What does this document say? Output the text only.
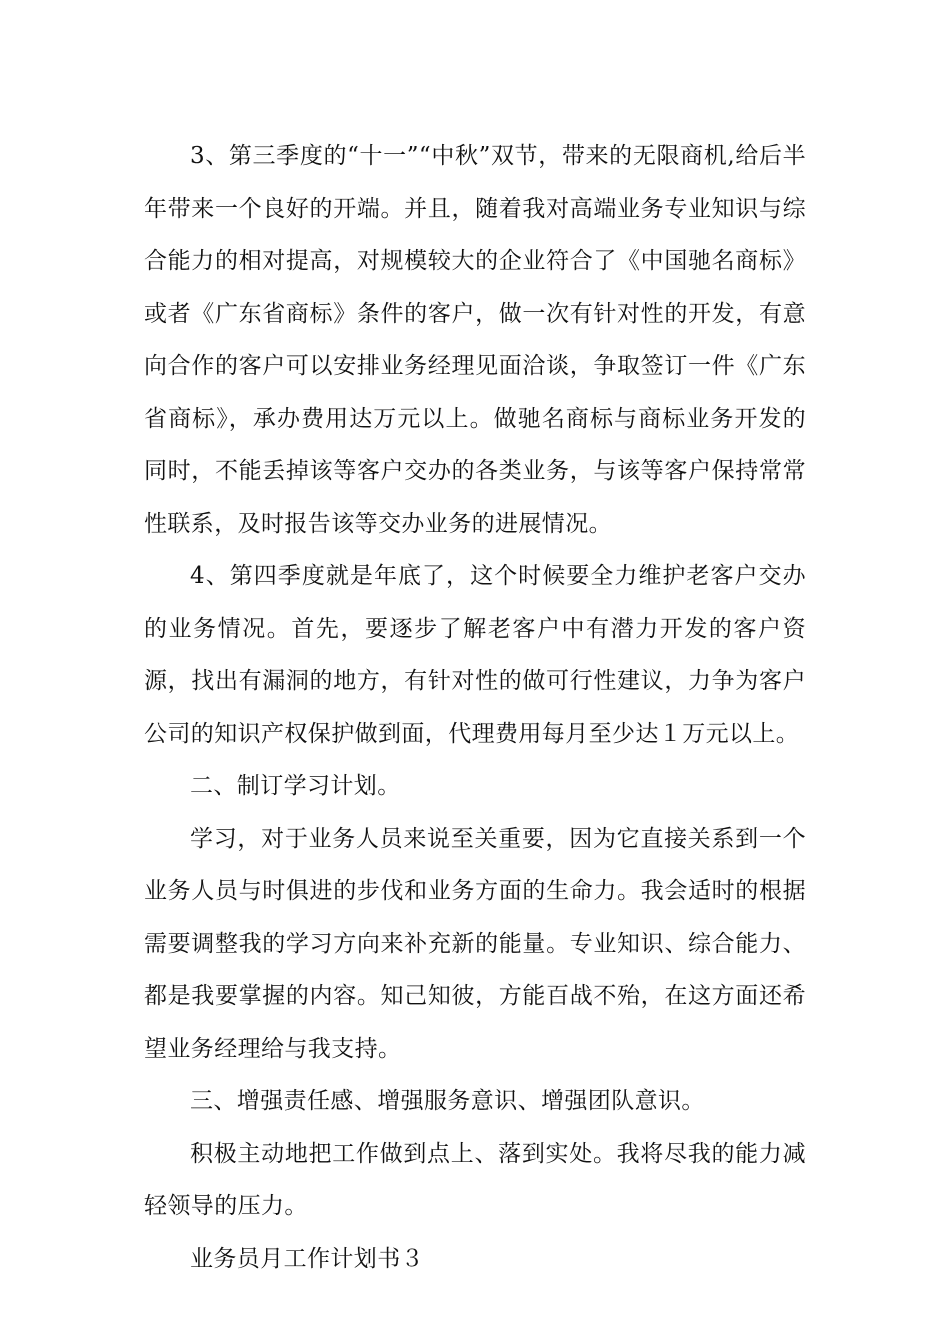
3、第三季度的“十一”“中秋”双节，带来的无限商机,给后半年带来一个良好的开端。并且，随着我对高端业务专业知识与综合能力的相对提高，对规模较大的企业符合了《中国驰名商标》或者《广东省商标》条件的客户，做一次有针对性的开发，有意向合作的客户可以安排业务经理见面洽谈，争取签订一件《广东省商标》，承办费用达万元以上。做驰名商标与商标业务开发的同时，不能丢掉该等客户交办的各类业务，与该等客户保持常常性联系，及时报告该等交办业务的进展情况。

4、第四季度就是年底了，这个时候要全力维护老客户交办的业务情况。首先，要逐步了解老客户中有潜力开发的客户资源，找出有漏洞的地方，有针对性的做可行性建议，力争为客户公司的知识产权保护做到面，代理费用每月至少达１万元以上。

二、制订学习计划。

学习，对于业务人员来说至关重要，因为它直接关系到一个业务人员与时俱进的步伐和业务方面的生命力。我会适时的根据需要调整我的学习方向来补充新的能量。专业知识、综合能力、都是我要掌握的内容。知己知彼，方能百战不殆，在这方面还希望业务经理给与我支持。

三、增强责任感、增强服务意识、增强团队意识。

积极主动地把工作做到点上、落到实处。我将尽我的能力减轻领导的压力。

业务员月工作计划书３
